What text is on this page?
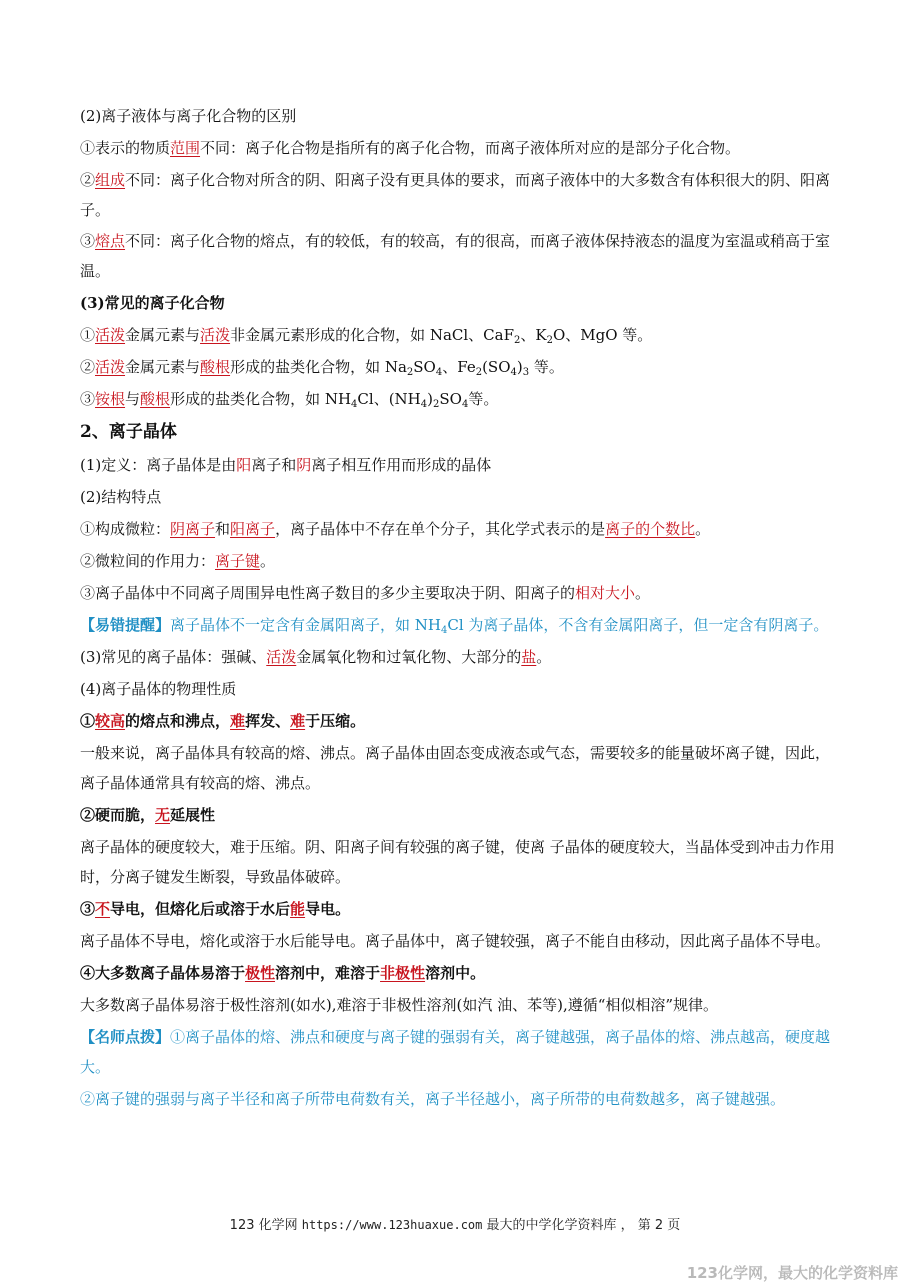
(2)离子液体与离子化合物的区别
①表示的物质范围不同：离子化合物是指所有的离子化合物，而离子液体所对应的是部分子化合物。
②组成不同：离子化合物对所含的阴、阳离子没有更具体的要求，而离子液体中的大多数含有体积很大的阴、阳离子。
③熔点不同：离子化合物的熔点，有的较低，有的较高，有的很高，而离子液体保持液态的温度为室温或稍高于室温。
(3)常见的离子化合物
①活泼金属元素与活泼非金属元素形成的化合物，如 NaCl、CaF$_2$、$K_2O$、MgO 等。
②活泼金属元素与酸根形成的盐类化合物，如 $Na_2SO_4$、$Fe_2(SO_4)_3$ 等。
③铵根与酸根形成的盐类化合物，如 $NH_4Cl$、$(NH_4)_2SO_4$等。
2、离子晶体
(1)定义：离子晶体是由阳离子和阴离子相互作用而形成的晶体
(2)结构特点
①构成微粒：阴离子和阳离子，离子晶体中不存在单个分子，其化学式表示的是离子的个数比。
②微粒间的作用力：离子键。
③离子晶体中不同离子周围异电性离子数目的多少主要取决于阴、阳离子的相对大小。
【易错提醒】离子晶体不一定含有金属阳离子，如 $NH_4Cl$ 为离子晶体，不含有金属阳离子，但一定含有阴离子。
(3)常见的离子晶体：强碱、活泼金属氧化物和过氧化物、大部分的盐。
(4)离子晶体的物理性质
①较高的熔点和沸点，难挥发、难于压缩。
一般来说，离子晶体具有较高的熔、沸点。离子晶体由固态变成液态或气态，需要较多的能量破坏离子键，因此，离子晶体通常具有较高的熔、沸点。
②硬而脆，无延展性
离子晶体的硬度较大，难于压缩。阴、阳离子间有较强的离子键，使离 子晶体的硬度较大，当晶体受到冲击力作用时，分离子键发生断裂，导致晶体破碎。
③不导电，但熔化后或溶于水后能导电。
离子晶体不导电，熔化或溶于水后能导电。离子晶体中，离子键较强，离子不能自由移动，因此离子晶体不导电。
④大多数离子晶体易溶于极性溶剂中，难溶于非极性溶剂中。
大多数离子晶体易溶于极性溶剂(如水),难溶于非极性溶剂(如汽 油、苯等),遵循“相似相溶”规律。
【名师点拨】①离子晶体的熔、沸点和硬度与离子键的强弱有关，离子键越强，离子晶体的熔、沸点越高，硬度越大。
②离子键的强弱与离子半径和离子所带电荷数有关，离子半径越小，离子所带的电荷数越多，离子键越强。
123 化学网 https://www.123huaxue.com 最大的中学化学资料库 ， 第 2 页
123化学网，最大的化学资料库
